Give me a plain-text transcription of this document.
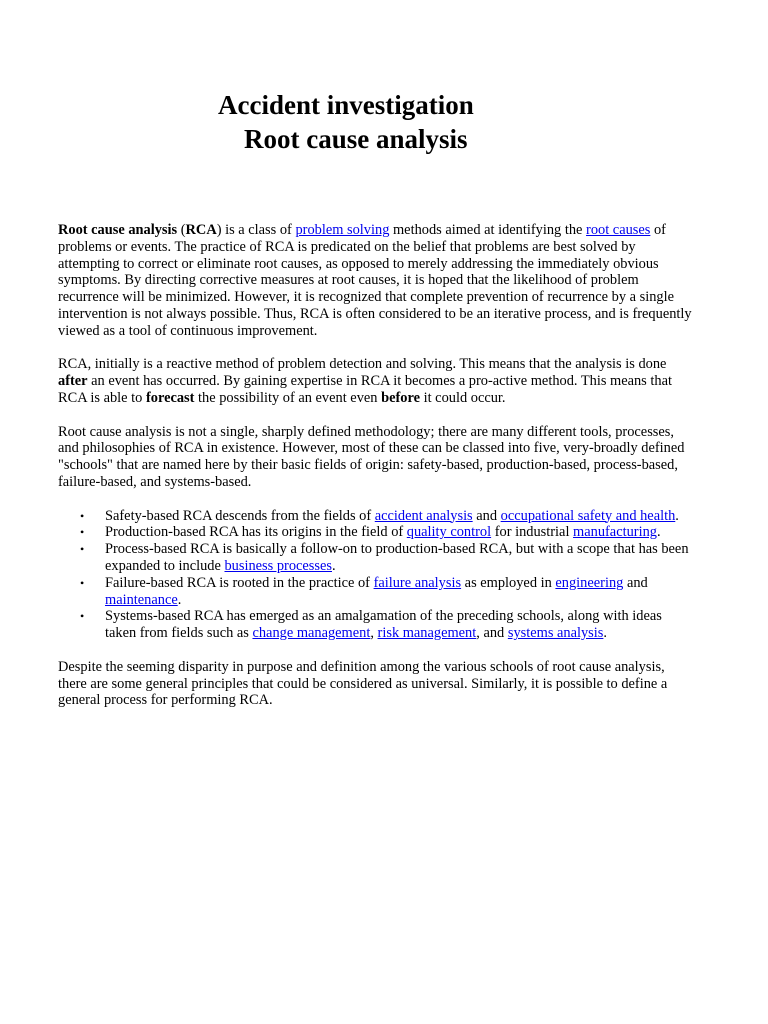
Accident investigation
Root cause analysis

Root cause analysis (RCA) is a class of problem solving methods aimed at identifying the root causes of problems or events. The practice of RCA is predicated on the belief that problems are best solved by attempting to correct or eliminate root causes, as opposed to merely addressing the immediately obvious symptoms. By directing corrective measures at root causes, it is hoped that the likelihood of problem recurrence will be minimized. However, it is recognized that complete prevention of recurrence by a single intervention is not always possible. Thus, RCA is often considered to be an iterative process, and is frequently viewed as a tool of continuous improvement.

RCA, initially is a reactive method of problem detection and solving. This means that the analysis is done after an event has occurred. By gaining expertise in RCA it becomes a pro-active method. This means that RCA is able to forecast the possibility of an event even before it could occur.

Root cause analysis is not a single, sharply defined methodology; there are many different tools, processes, and philosophies of RCA in existence. However, most of these can be classed into five, very-broadly defined "schools" that are named here by their basic fields of origin: safety-based, production-based, process-based, failure-based, and systems-based.

• Safety-based RCA descends from the fields of accident analysis and occupational safety and health.
• Production-based RCA has its origins in the field of quality control for industrial manufacturing.
• Process-based RCA is basically a follow-on to production-based RCA, but with a scope that has been expanded to include business processes.
• Failure-based RCA is rooted in the practice of failure analysis as employed in engineering and maintenance.
• Systems-based RCA has emerged as an amalgamation of the preceding schools, along with ideas taken from fields such as change management, risk management, and systems analysis.

Despite the seeming disparity in purpose and definition among the various schools of root cause analysis, there are some general principles that could be considered as universal. Similarly, it is possible to define a general process for performing RCA.
